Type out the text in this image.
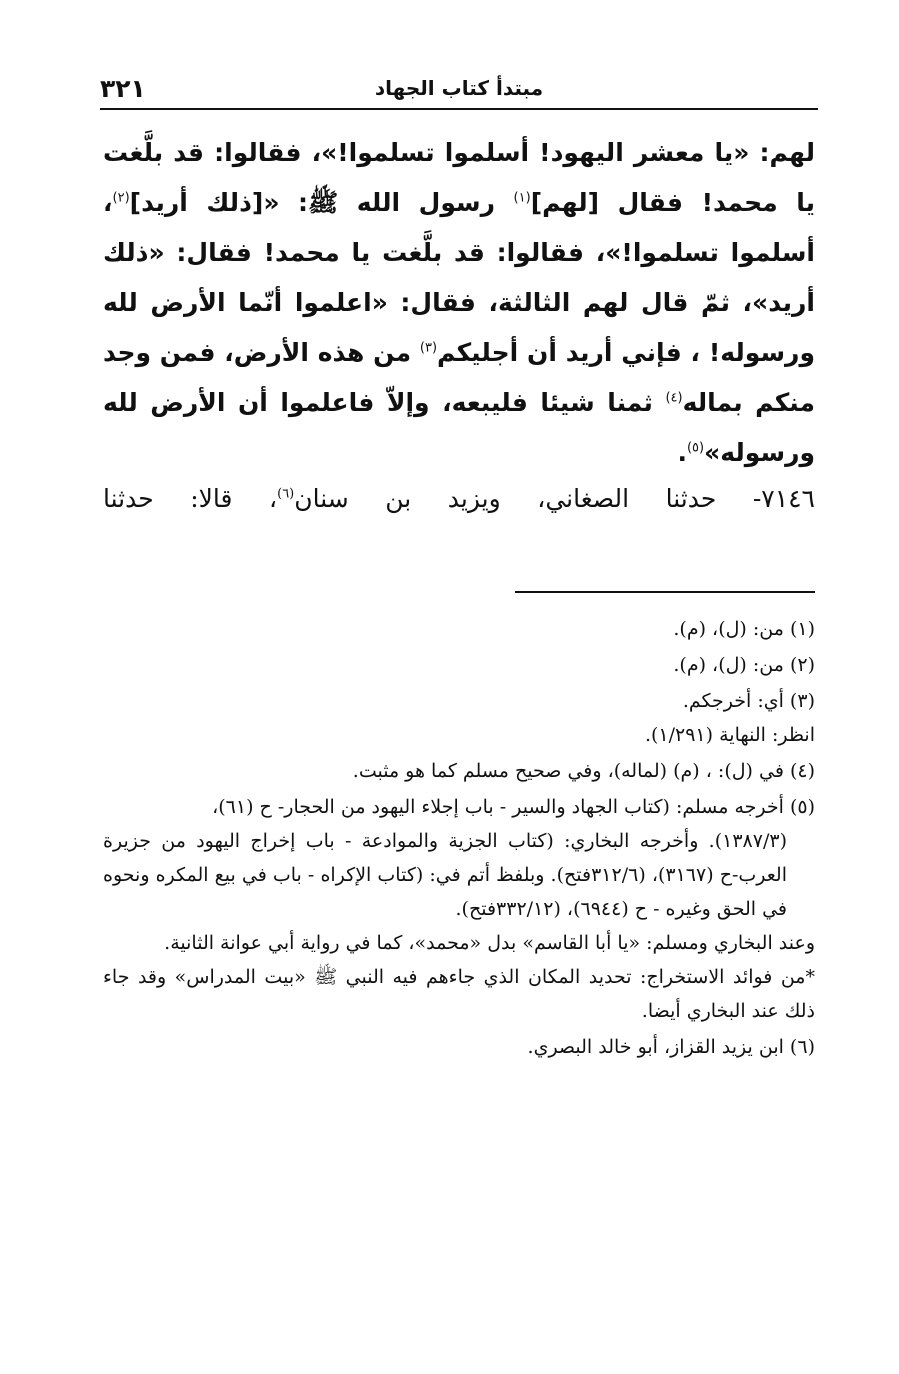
٣٢١	مبتدأ كتاب الجهاد

لهم: «يا معشر اليهود! أسلموا تسلموا!»، فقالوا: قد بلَّغت يا محمد! فقال [لهم]$^{(١)}$ رسول الله ﷺ: «[ذلك أريد]$^{(٢)}$، أسلموا تسلموا!»، فقالوا: قد بلَّغت يا محمد! فقال: «ذلك أريد»، ثمّ قال لهم الثالثة، فقال: «اعلموا أنّما الأرض لله ورسوله! ، فإني أريد أن أجليكم$^{(٣)}$ من هذه الأرض، فمن وجد منكم بماله$^{(٤)}$ ثمنا شيئا فليبعه، وإلاّ فاعلموا أن الأرض لله ورسوله»$^{(٥)}$.

٧١٤٦- حدثنا الصغاني، ويزيد بن سنان$^{(٦)}$، قالا: حدثنا

(١) من: (ل)، (م).

(٢) من: (ل)، (م).

(٣) أي: أخرجكم.

انظر: النهاية (١/٢٩١).

(٤) في (ل): ، (م) (لماله)، وفي صحيح مسلم كما هو مثبت.

(٥) أخرجه مسلم: (كتاب الجهاد والسير - باب إجلاء اليهود من الحجار- ح (٦١)،

(١٣٨٧/٣). وأخرجه البخاري: (كتاب الجزية والموادعة - باب إخراج اليهود من جزيرة العرب-ح (٣١٦٧)، (٣١٢/٦فتح). وبلفظ أتم في: (كتاب الإكراه - باب في بيع المكره ونحوه في الحق وغيره - ح (٦٩٤٤)، (٣٣٢/١٢فتح).

وعند البخاري ومسلم: «يا أبا القاسم» بدل «محمد»، كما في رواية أبي عوانة الثانية.

*من فوائد الاستخراج: تحديد المكان الذي جاءهم فيه النبي ﷺ «بيت المدراس» وقد جاء ذلك عند البخاري أيضا.

(٦) ابن يزيد القزاز، أبو خالد البصري.
